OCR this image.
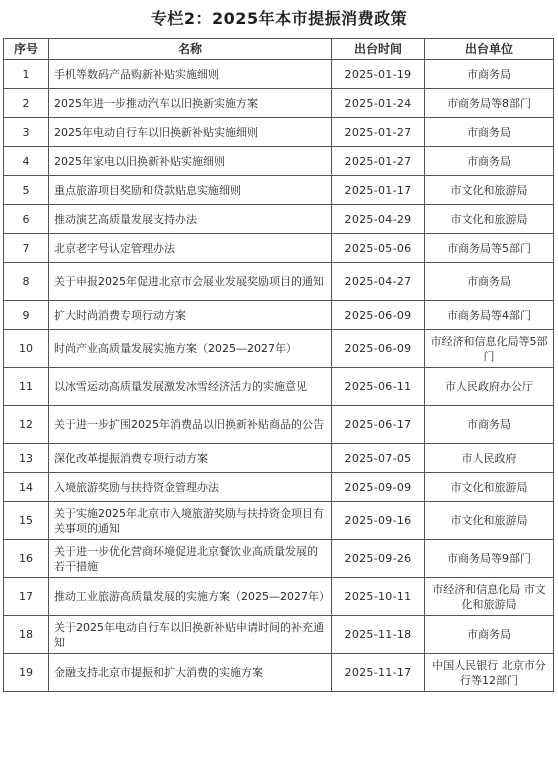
专栏2：2025年本市提振消费政策
序号	名称	出台时间	出台单位
1	手机等数码产品购新补贴实施细则	2025-01-19	市商务局
2	2025年进一步推动汽车以旧换新实施方案	2025-01-24	市商务局等8部门
3	2025年电动自行车以旧换新补贴实施细则	2025-01-27	市商务局
4	2025年家电以旧换新补贴实施细则	2025-01-27	市商务局
5	重点旅游项目奖励和贷款贴息实施细则	2025-01-17	市文化和旅游局
6	推动演艺高质量发展支持办法	2025-04-29	市文化和旅游局
7	北京老字号认定管理办法	2025-05-06	市商务局等5部门
8	关于申报2025年促进北京市会展业发展奖励项目的通知	2025-04-27	市商务局
9	扩大时尚消费专项行动方案	2025-06-09	市商务局等4部门
10	时尚产业高质量发展实施方案（2025—2027年）	2025-06-09	市经济和信息化局等5部门
11	以冰雪运动高质量发展激发冰雪经济活力的实施意见	2025-06-11	市人民政府办公厅
12	关于进一步扩围2025年消费品以旧换新补贴商品的公告	2025-06-17	市商务局
13	深化改革提振消费专项行动方案	2025-07-05	市人民政府
14	入境旅游奖励与扶持资金管理办法	2025-09-09	市文化和旅游局
15	关于实施2025年北京市入境旅游奖励与扶持资金项目有关事项的通知	2025-09-16	市文化和旅游局
16	关于进一步优化营商环境促进北京餐饮业高质量发展的若干措施	2025-09-26	市商务局等9部门
17	推动工业旅游高质量发展的实施方案（2025—2027年）	2025-10-11	市经济和信息化局 市文化和旅游局
18	关于2025年电动自行车以旧换新补贴申请时间的补充通知	2025-11-18	市商务局
19	金融支持北京市提振和扩大消费的实施方案	2025-11-17	中国人民银行 北京市分行等12部门
